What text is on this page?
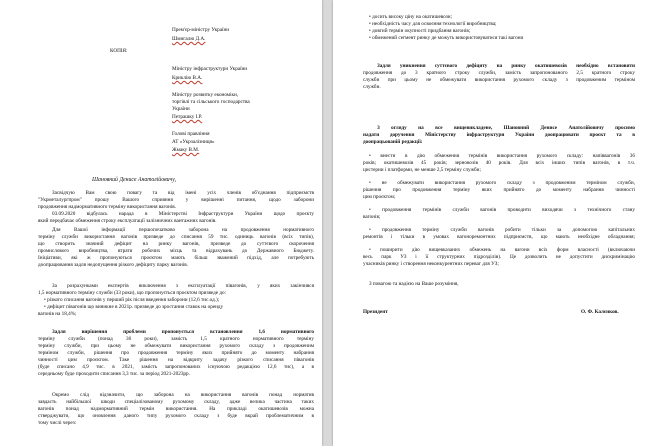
Прем'єр-міністру України
Шмигалю Д.А.
КОПІЯ:
Міністру інфраструктури України
Криклію В.А.
Міністру розвитку економіки,
торгівлі та сільського господарства
України
Петрашку І.Р.
Голові правління
АТ «Укрзалізниця»
Жмаку В.М.
Шановний Денисе Анатолійовичу,
Засвідчую Вам свою повагу та від імені усіх членів об'єднання підприємств
"Укрметалургпром" прошу Вашого сприяння у вирішенні питання, щодо заборони
продовження надмормативного терміну використання вагонів.
03.09.2020 відбулась нарада в Міністерстві Інфраструктури України щодо проєкту
який передбачає обмеження строку експлуатації залізничних вантажних вагонів.
Для Вашої інформації першопочатково заборона на продовження нормативного
терміну служби використання вагонів призведе до списання 59 тис. одиниць вагонів (всіх типів),
що створить значний дефіцит на ринку вагонів, призведе до суттєвого скорочення
промислового виробництва, втрати робочих місць та відрахувань до Державного Бюджету.
Ініціативи, які ж пропонуються проєктом мають більш зважений підхід, але потребують
доопрацювання задля недопущення різкого дефіциту парку вагонів.
За розрахунками експертів виключення з експлуатації півагонів, у яких закінчився
1,5 нормативного терміну служби (33 роки), що пропонується проєктом призведе до:
• різкого списання вагонів у перший рік після введення заборони (12,6 тис.од.);
• дефіцит півагонів що виникне в 2021р. призведе до зростання ставок на оренду
вагонів на 18,4%;
Задля вирішення проблеми пропонується встановлення 1,6 нормативного
терміну служби (понад 36 роки), замість 1,5 кратного нормативного терміну
терміну служби, при цьому не обмежувати використання рухомого складу з продовженим
терміном служби, рішення про продовження терміну яких прийнято до моменту набрання
чинності цим проєктом. Таке рішення на відкриту задачу різкого списання півагонів
(буде списано 4,9 тис. в 2021, замість запропонованих існуючою редакцією 12,6 тис), а в
середньому буде проходити списання 3,3 тис. за період 2021-2023рр.
Окремо слід відзначити, що заборона на використання вагонів понад норматив
завдасть найбільшої шкоди спеціалізованому рухомому складу, адже велика частина таких
вагонів понад надмормативний термін використання. На прикладі окатишевозів можна
стверджувати, що оновлення даного типу рухомого складу з буде вкрай проблематичним в
тому числі через:
• досить високу ціну на окатишевози;
• необхідність часу для освоєння технології виробництва;
• довгий термін окупності придбання вагонів;
• обмежений сегмент ринку де можуть використовуватися такі вагони
Задля уникнення суттєвого дефіциту на ринку окатишевозів необхідно встановити
продовження до 3 кратного строку служби, замість запропонованого 2,5 кратного строку
служби при цьому не обмежувати використання рухомого складу з продовженим терміном
служби.
З огляду на все вищевикладене, Шановний Денисе Анатолійовичу просимо
надати доручення Міністерству інфраструктури України доопрацювати проєкт та в
доопрацьованій редакції:
• внести в дію обмеження термінів використання рухомого складу: напіввагонів 36
років; окатишевозів 45 років; зерновозів 40 років. Для всіх інших типів вагонів, в т.ч.
цистерни і платформи, не менше 2,5 терміну служби;
• не обмежувати використання рухомого складу з продовженим терміном служби,
рішення про продовження терміну яких прийнято до моменту набрання чинності
цим проєктом;
• продовження термінів служби вагонів проводити виходячи з технічного стану
вагонів;
• продовження терміну служби вагонів робити тільки за допомогою капітальних
ремонтів і тільки в умовах вагоноремонтних підприємств, що мають необхідне обладнання;
• поширити дію вищевказаних обмежень на вагони всіх форм власності (включаючи
весь парк УЗ і її структурних підрозділів). Це дозволить не допустити дискримінацію
учасників ринку і створення неконкурентних переваг для УЗ;
З повагою та надією на Вашe розуміння,
Президент	О. Ф. Калєнков.
